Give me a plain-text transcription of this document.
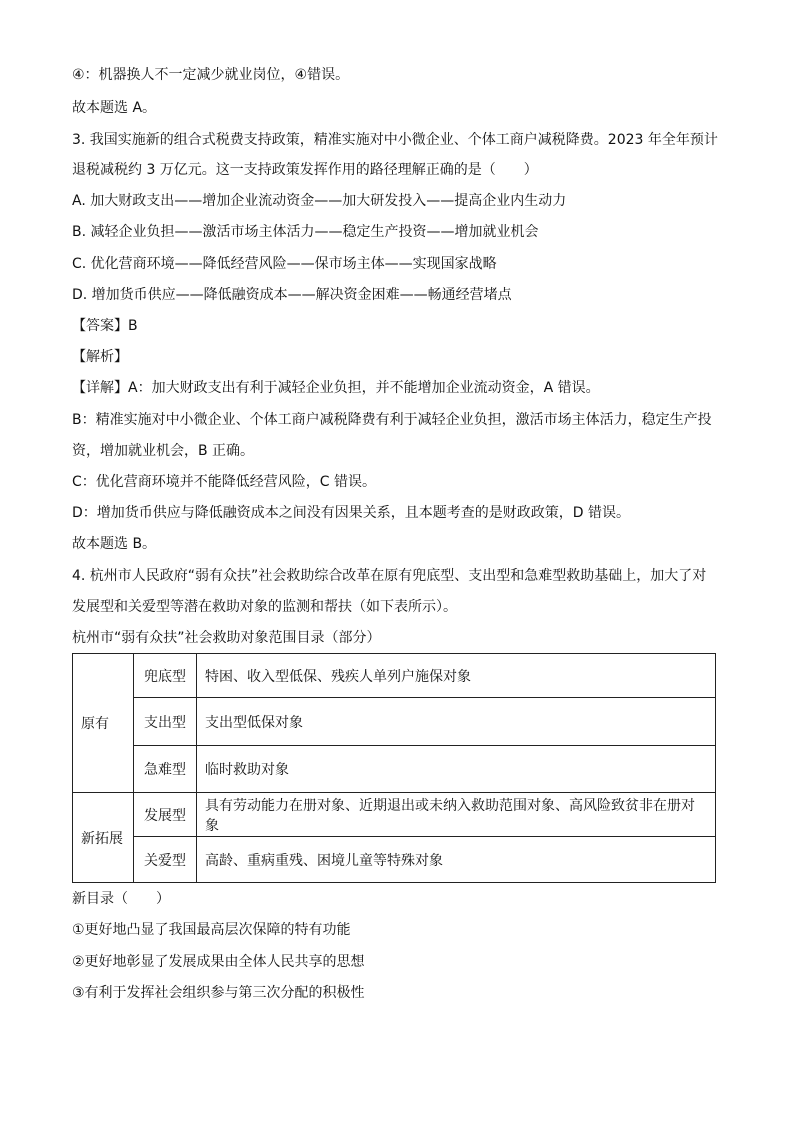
④：机器换人不一定减少就业岗位，④错误。
故本题选 A。
3. 我国实施新的组合式税费支持政策，精准实施对中小微企业、个体工商户减税降费。2023 年全年预计
退税减税约 3 万亿元。这一支持政策发挥作用的路径理解正确的是（　　）
A. 加大财政支出——增加企业流动资金——加大研发投入——提高企业内生动力
B. 减轻企业负担——激活市场主体活力——稳定生产投资——增加就业机会
C. 优化营商环境——降低经营风险——保市场主体——实现国家战略
D. 增加货币供应——降低融资成本——解决资金困难——畅通经营堵点
【答案】B
【解析】
【详解】A：加大财政支出有利于减轻企业负担，并不能增加企业流动资金，A 错误。
B：精准实施对中小微企业、个体工商户减税降费有利于减轻企业负担，激活市场主体活力，稳定生产投
资，增加就业机会，B 正确。
C：优化营商环境并不能降低经营风险，C 错误。
D：增加货币供应与降低融资成本之间没有因果关系，且本题考查的是财政政策，D 错误。
故本题选 B。
4. 杭州市人民政府“弱有众扶”社会救助综合改革在原有兜底型、支出型和急难型救助基础上，加大了对
发展型和关爱型等潜在救助对象的监测和帮扶（如下表所示）。
杭州市“弱有众扶”社会救助对象范围目录（部分）
原有	兜底型	特困、收入型低保、残疾人单列户施保对象
	支出型	支出型低保对象
	急难型	临时救助对象
新拓展	发展型	具有劳动能力在册对象、近期退出或未纳入救助范围对象、高风险致贫非在册对象
	关爱型	高龄、重病重残、困境儿童等特殊对象
新目录（　　）
①更好地凸显了我国最高层次保障的特有功能
②更好地彰显了发展成果由全体人民共享的思想
③有利于发挥社会组织参与第三次分配的积极性
